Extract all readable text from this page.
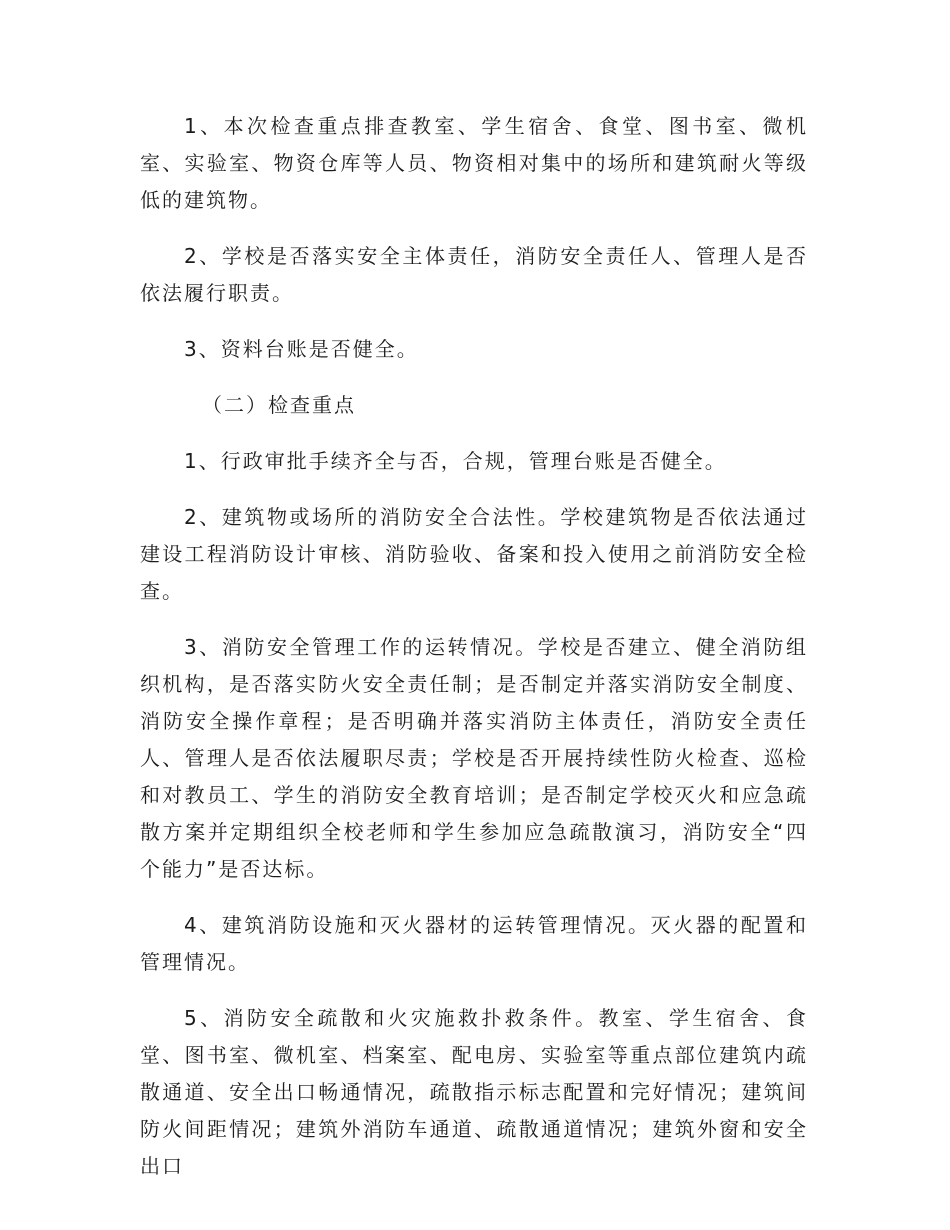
1、本次检查重点排查教室、学生宿舍、食堂、图书室、微机室、实验室、物资仓库等人员、物资相对集中的场所和建筑耐火等级低的建筑物。

2、学校是否落实安全主体责任，消防安全责任人、管理人是否依法履行职责。

3、资料台账是否健全。

（二）检查重点

1、行政审批手续齐全与否，合规，管理台账是否健全。

2、建筑物或场所的消防安全合法性。学校建筑物是否依法通过建设工程消防设计审核、消防验收、备案和投入使用之前消防安全检查。

3、消防安全管理工作的运转情况。学校是否建立、健全消防组织机构，是否落实防火安全责任制；是否制定并落实消防安全制度、消防安全操作章程；是否明确并落实消防主体责任，消防安全责任人、管理人是否依法履职尽责；学校是否开展持续性防火检查、巡检和对教员工、学生的消防安全教育培训；是否制定学校灭火和应急疏散方案并定期组织全校老师和学生参加应急疏散演习，消防安全“四个能力”是否达标。

4、建筑消防设施和灭火器材的运转管理情况。灭火器的配置和管理情况。

5、消防安全疏散和火灾施救扑救条件。教室、学生宿舍、食堂、图书室、微机室、档案室、配电房、实验室等重点部位建筑内疏散通道、安全出口畅通情况，疏散指示标志配置和完好情况；建筑间防火间距情况；建筑外消防车通道、疏散通道情况；建筑外窗和安全出口
